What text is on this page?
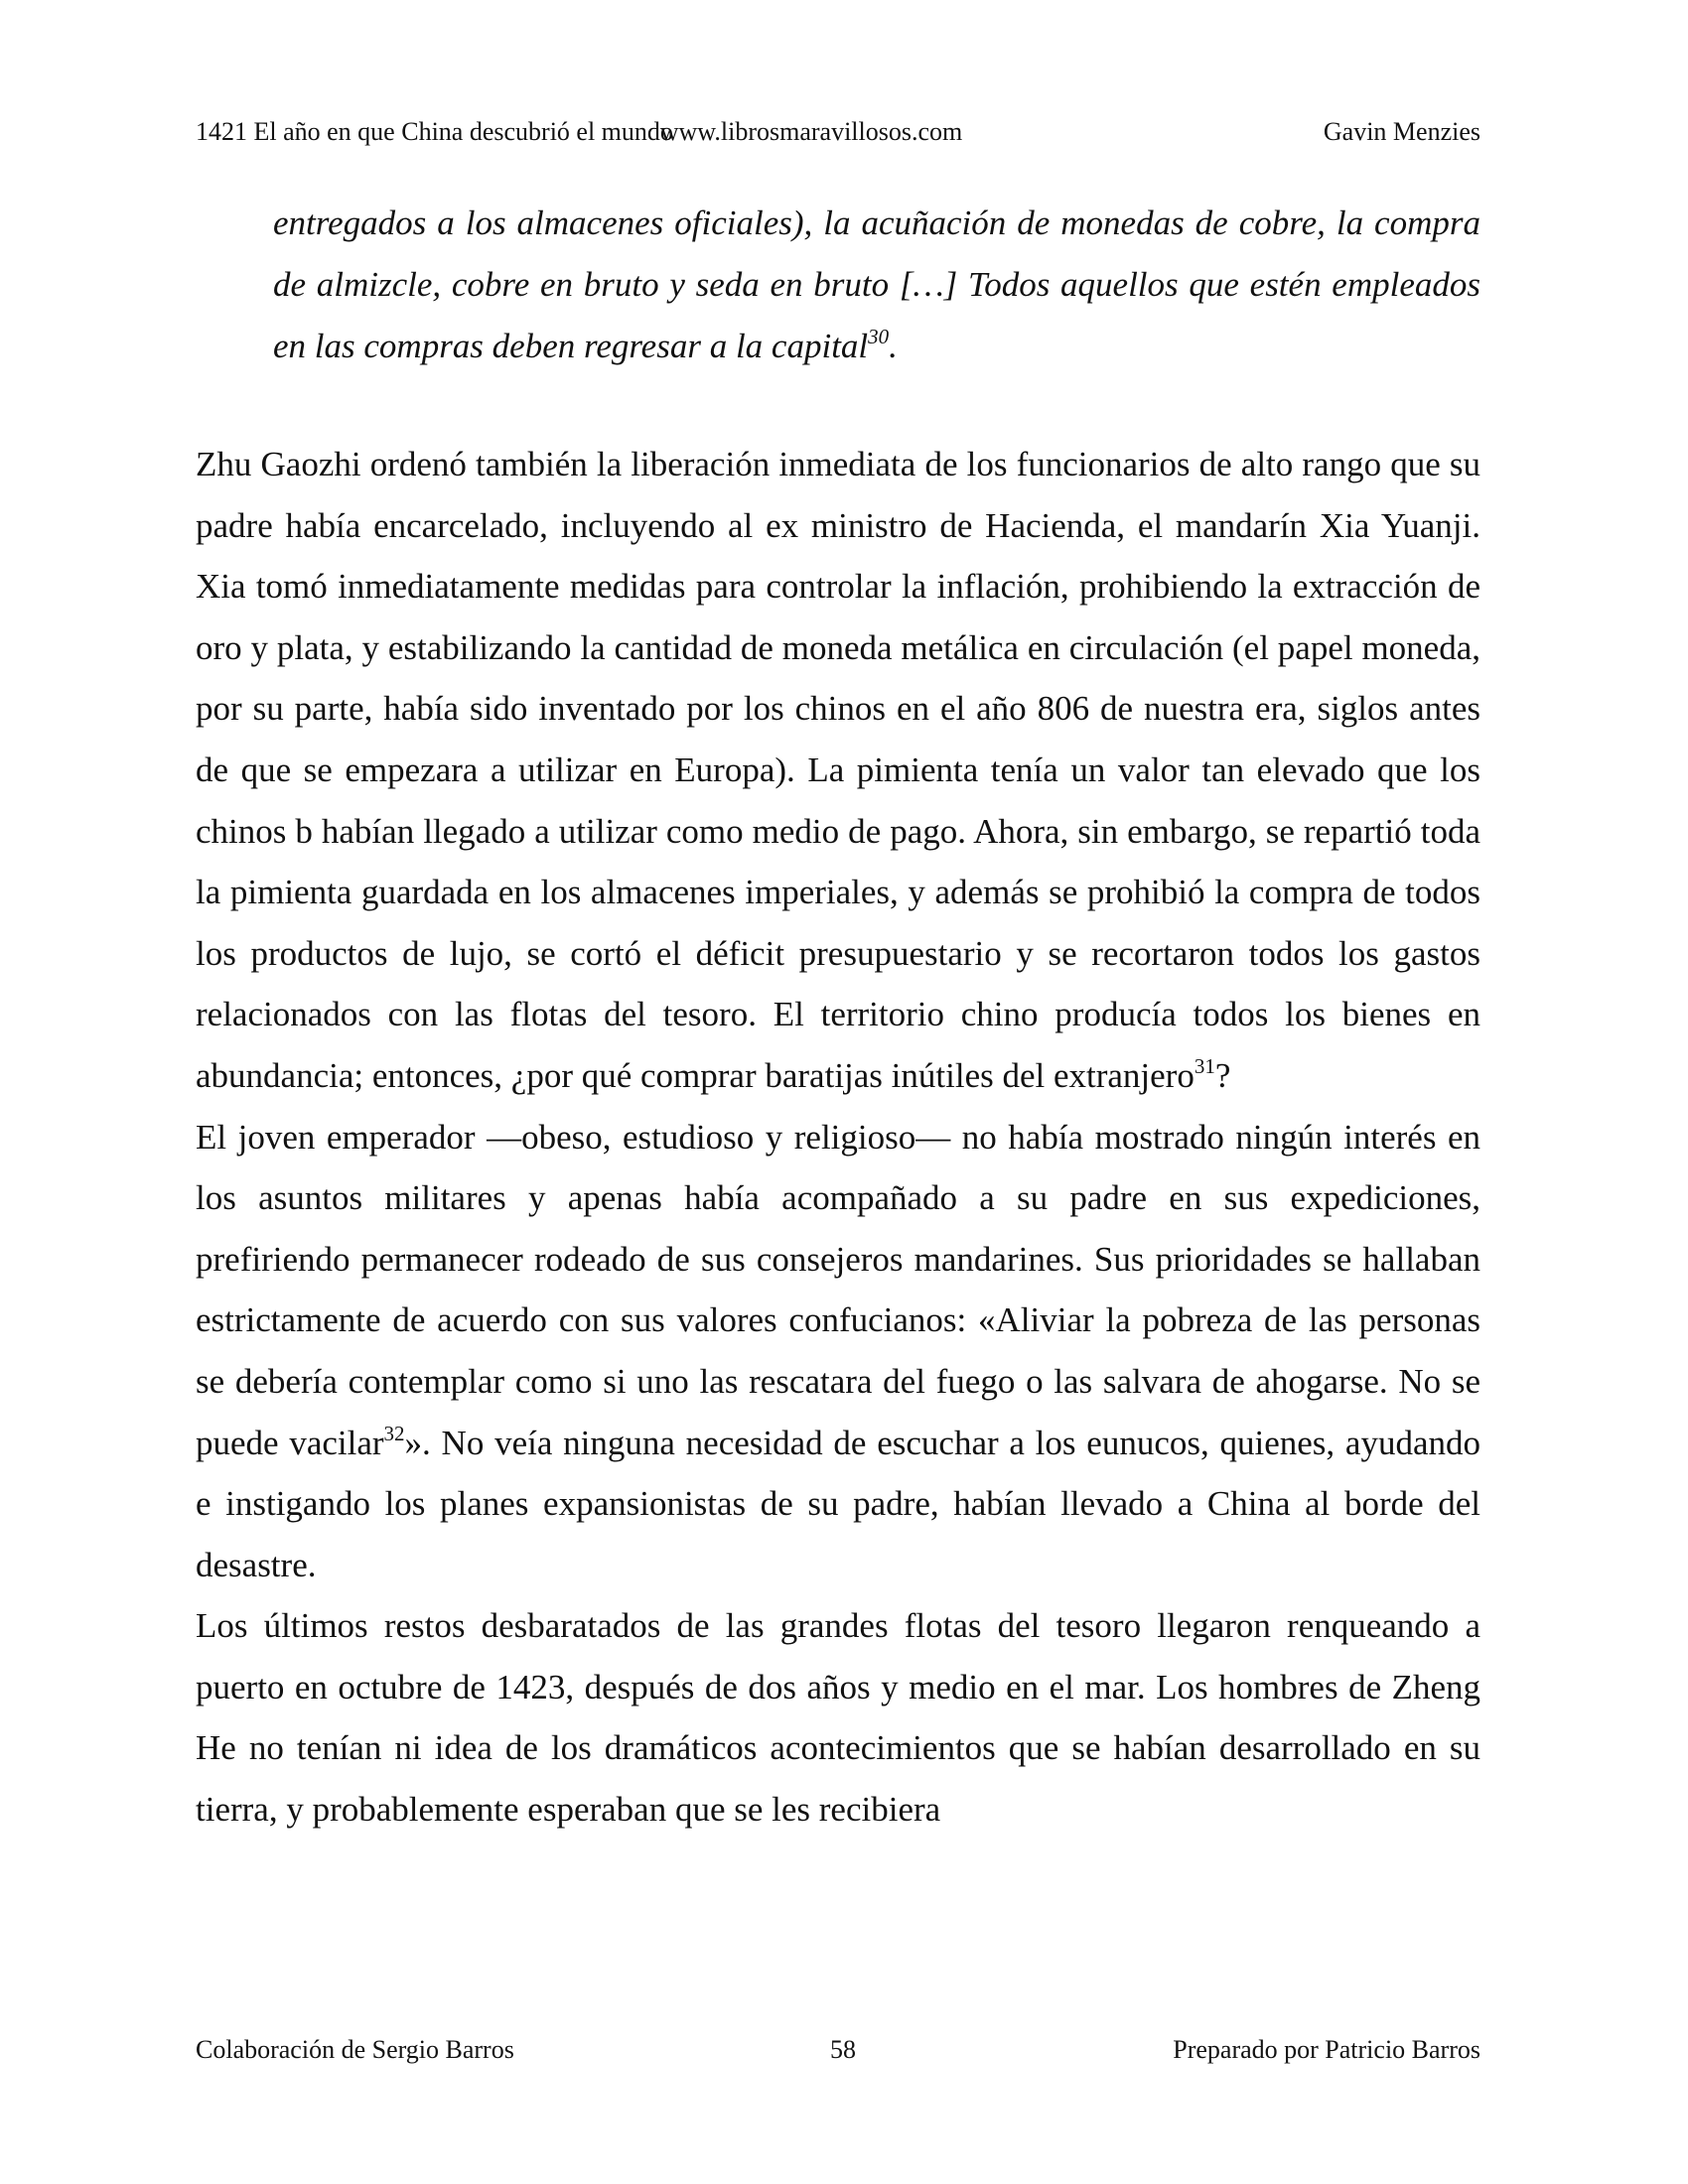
1421 El año en que China descubrió el mundo
www.librosmaravillosos.com	Gavin Menzies
entregados a los almacenes oficiales), la acuñación de monedas de cobre, la compra de almizcle, cobre en bruto y seda en bruto […] Todos aquellos que estén empleados en las compras deben regresar a la capital$^{30}$.

Zhu Gaozhi ordenó también la liberación inmediata de los funcionarios de alto rango que su padre había encarcelado, incluyendo al ex ministro de Hacienda, el mandarín Xia Yuanji. Xia tomó inmediatamente medidas para controlar la inflación, prohibiendo la extracción de oro y plata, y estabilizando la cantidad de moneda metálica en circulación (el papel moneda, por su parte, había sido inventado por los chinos en el año 806 de nuestra era, siglos antes de que se empezara a utilizar en Europa). La pimienta tenía un valor tan elevado que los chinos b habían llegado a utilizar como medio de pago. Ahora, sin embargo, se repartió toda la pimienta guardada en los almacenes imperiales, y además se prohibió la compra de todos los productos de lujo, se cortó el déficit presupuestario y se recortaron todos los gastos relacionados con las flotas del tesoro. El territorio chino producía todos los bienes en abundancia; entonces, ¿por qué comprar baratijas inútiles del extranjero$^{31}$?

El joven emperador —obeso, estudioso y religioso— no había mostrado ningún interés en los asuntos militares y apenas había acompañado a su padre en sus expediciones, prefiriendo permanecer rodeado de sus consejeros mandarines. Sus prioridades se hallaban estrictamente de acuerdo con sus valores confucianos: «Aliviar la pobreza de las personas se debería contemplar como si uno las rescatara del fuego o las salvara de ahogarse. No se puede vacilar$^{32}$». No veía ninguna necesidad de escuchar a los eunucos, quienes, ayudando e instigando los planes expansionistas de su padre, habían llevado a China al borde del desastre.

Los últimos restos desbaratados de las grandes flotas del tesoro llegaron renqueando a puerto en octubre de 1423, después de dos años y medio en el mar. Los hombres de Zheng He no tenían ni idea de los dramáticos acontecimientos que se habían desarrollado en su tierra, y probablemente esperaban que se les recibiera

Colaboración de Sergio Barros	58	Preparado por Patricio Barros
